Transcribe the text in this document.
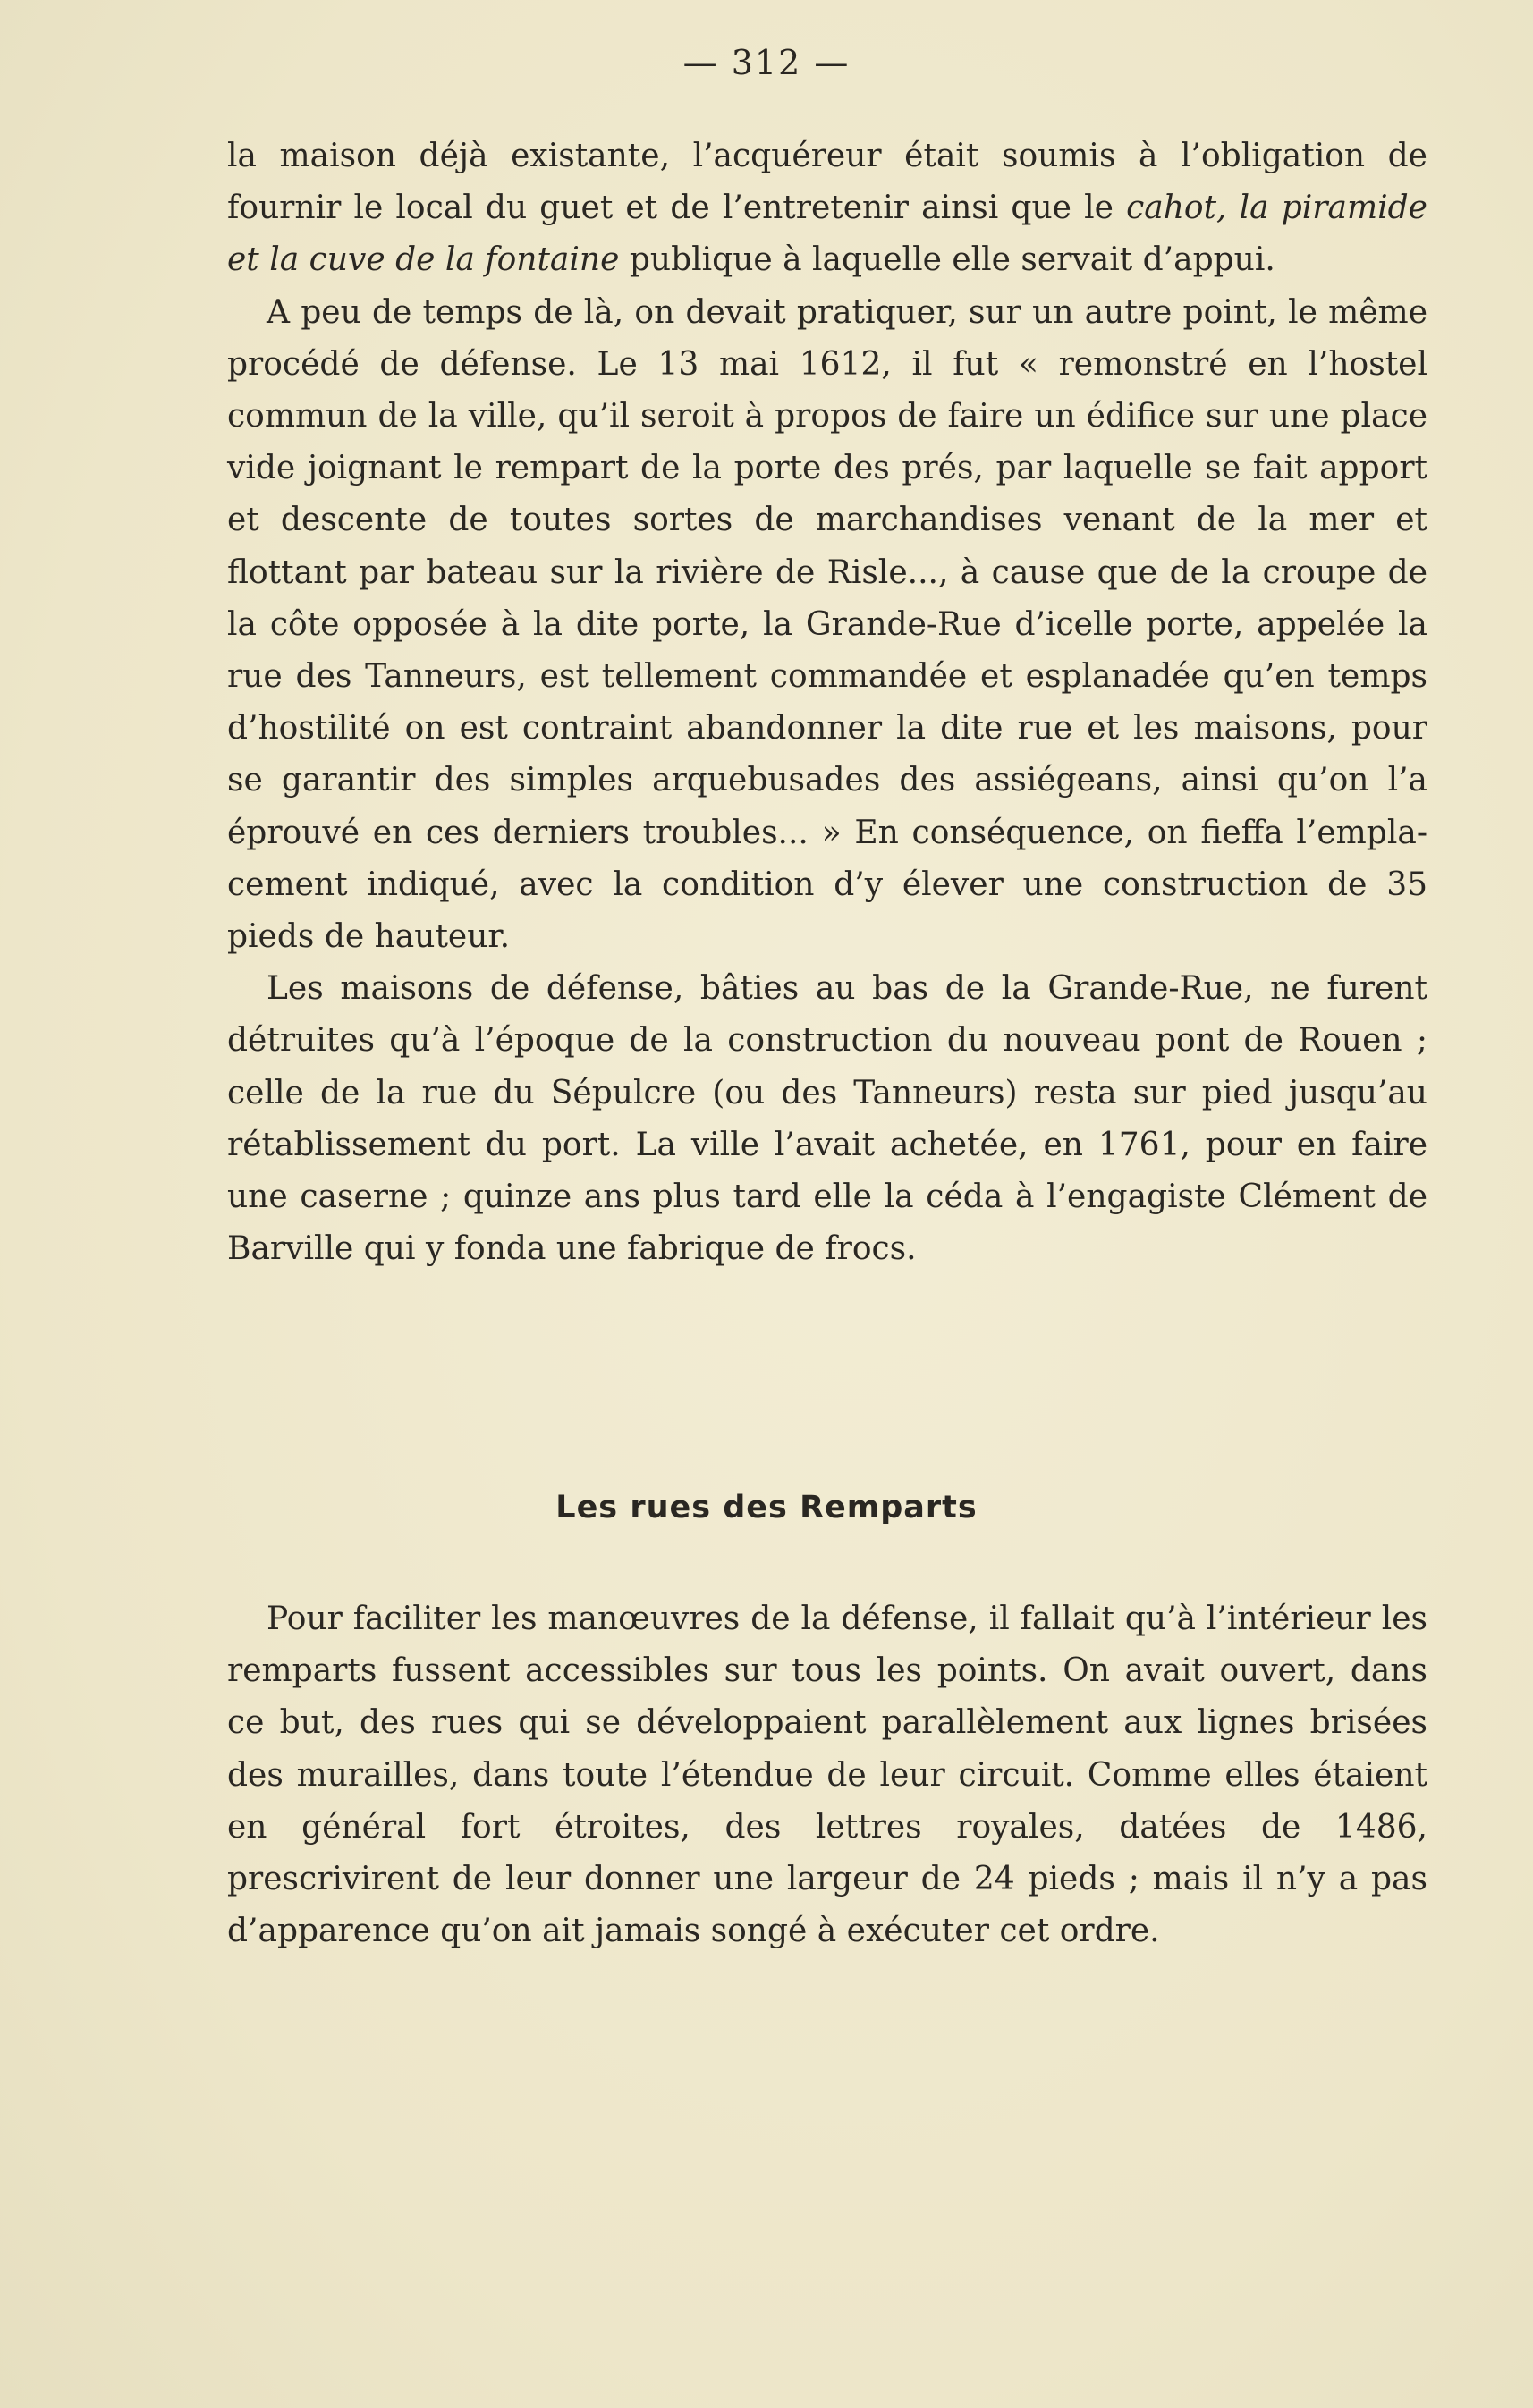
— 312 —

la maison déjà existante, l’acquéreur était soumis à l’obligation de fournir le local du guet et de l’entretenir ainsi que le cahot, la piramide et la cuve de la fontaine publique à laquelle elle servait d’appui.

A peu de temps de là, on devait pratiquer, sur un autre point, le même procédé de défense. Le 13 mai 1612, il fut « remonstré en l’hostel commun de la ville, qu’il seroit à propos de faire un édifice sur une place vide joignant le rempart de la porte des prés, par laquelle se fait apport et descente de toutes sortes de marchandises venant de la mer et flottant par bateau sur la rivière de Risle..., à cause que de la croupe de la côte opposée à la dite porte, la Grande-Rue d’icelle porte, appelée la rue des Tanneurs, est tellement commandée et esplanadée qu’en temps d’hostilité on est contraint abandonner la dite rue et les maisons, pour se garantir des simples arquebusades des assiégeans, ainsi qu’on l’a éprouvé en ces derniers troubles... » En conséquence, on fieffa l’emplacement indiqué, avec la condition d’y élever une construction de 35 pieds de hauteur.

Les maisons de défense, bâties au bas de la Grande-Rue, ne furent détruites qu’à l’époque de la construction du nouveau pont de Rouen ; celle de la rue du Sépulcre (ou des Tanneurs) resta sur pied jusqu’au rétablissement du port. La ville l’avait achetée, en 1761, pour en faire une caserne ; quinze ans plus tard elle la céda à l’engagiste Clément de Barville qui y fonda une fabrique de frocs.

Les rues des Remparts

Pour faciliter les manœuvres de la défense, il fallait qu’à l’intérieur les remparts fussent accessibles sur tous les points. On avait ouvert, dans ce but, des rues qui se développaient parallèlement aux lignes brisées des murailles, dans toute l’étendue de leur circuit. Comme elles étaient en général fort étroites, des lettres royales, datées de 1486, prescrivirent de leur donner une largeur de 24 pieds ; mais il n’y a pas d’apparence qu’on ait jamais songé à exécuter cet ordre.
